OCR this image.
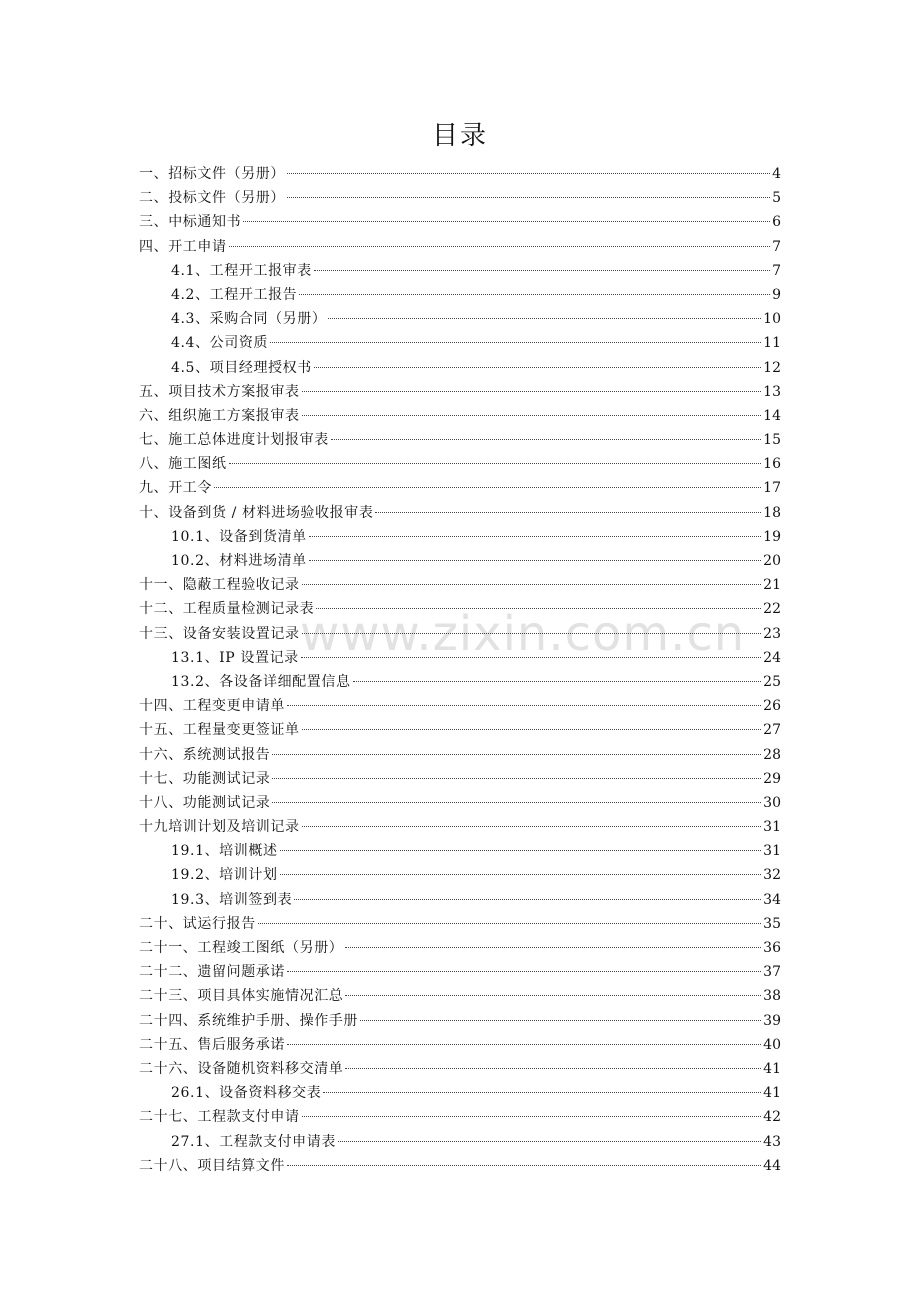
目录
www.zixin.com.cn
一、招标文件（另册）	4
二、投标文件（另册）	5
三、中标通知书	6
四、开工申请	7
4.1、工程开工报审表	7
4.2、工程开工报告	9
4.3、采购合同（另册）	10
4.4、公司资质	11
4.5、项目经理授权书	12
五、项目技术方案报审表	13
六、组织施工方案报审表	14
七、施工总体进度计划报审表	15
八、施工图纸	16
九、开工令	17
十、设备到货 / 材料进场验收报审表	18
10.1、设备到货清单	19
10.2、材料进场清单	20
十一、隐蔽工程验收记录	21
十二、工程质量检测记录表	22
十三、设备安装设置记录	23
13.1、IP 设置记录	24
13.2、各设备详细配置信息	25
十四、工程变更申请单	26
十五、工程量变更签证单	27
十六、系统测试报告	28
十七、功能测试记录	29
十八、功能测试记录	30
十九培训计划及培训记录	31
19.1、培训概述	31
19.2、培训计划	32
19.3、培训签到表	34
二十、试运行报告	35
二十一、工程竣工图纸（另册）	36
二十二、遗留问题承诺	37
二十三、项目具体实施情况汇总	38
二十四、系统维护手册、操作手册	39
二十五、售后服务承诺	40
二十六、设备随机资料移交清单	41
26.1、设备资料移交表	41
二十七、工程款支付申请	42
27.1、工程款支付申请表	43
二十八、项目结算文件	44
